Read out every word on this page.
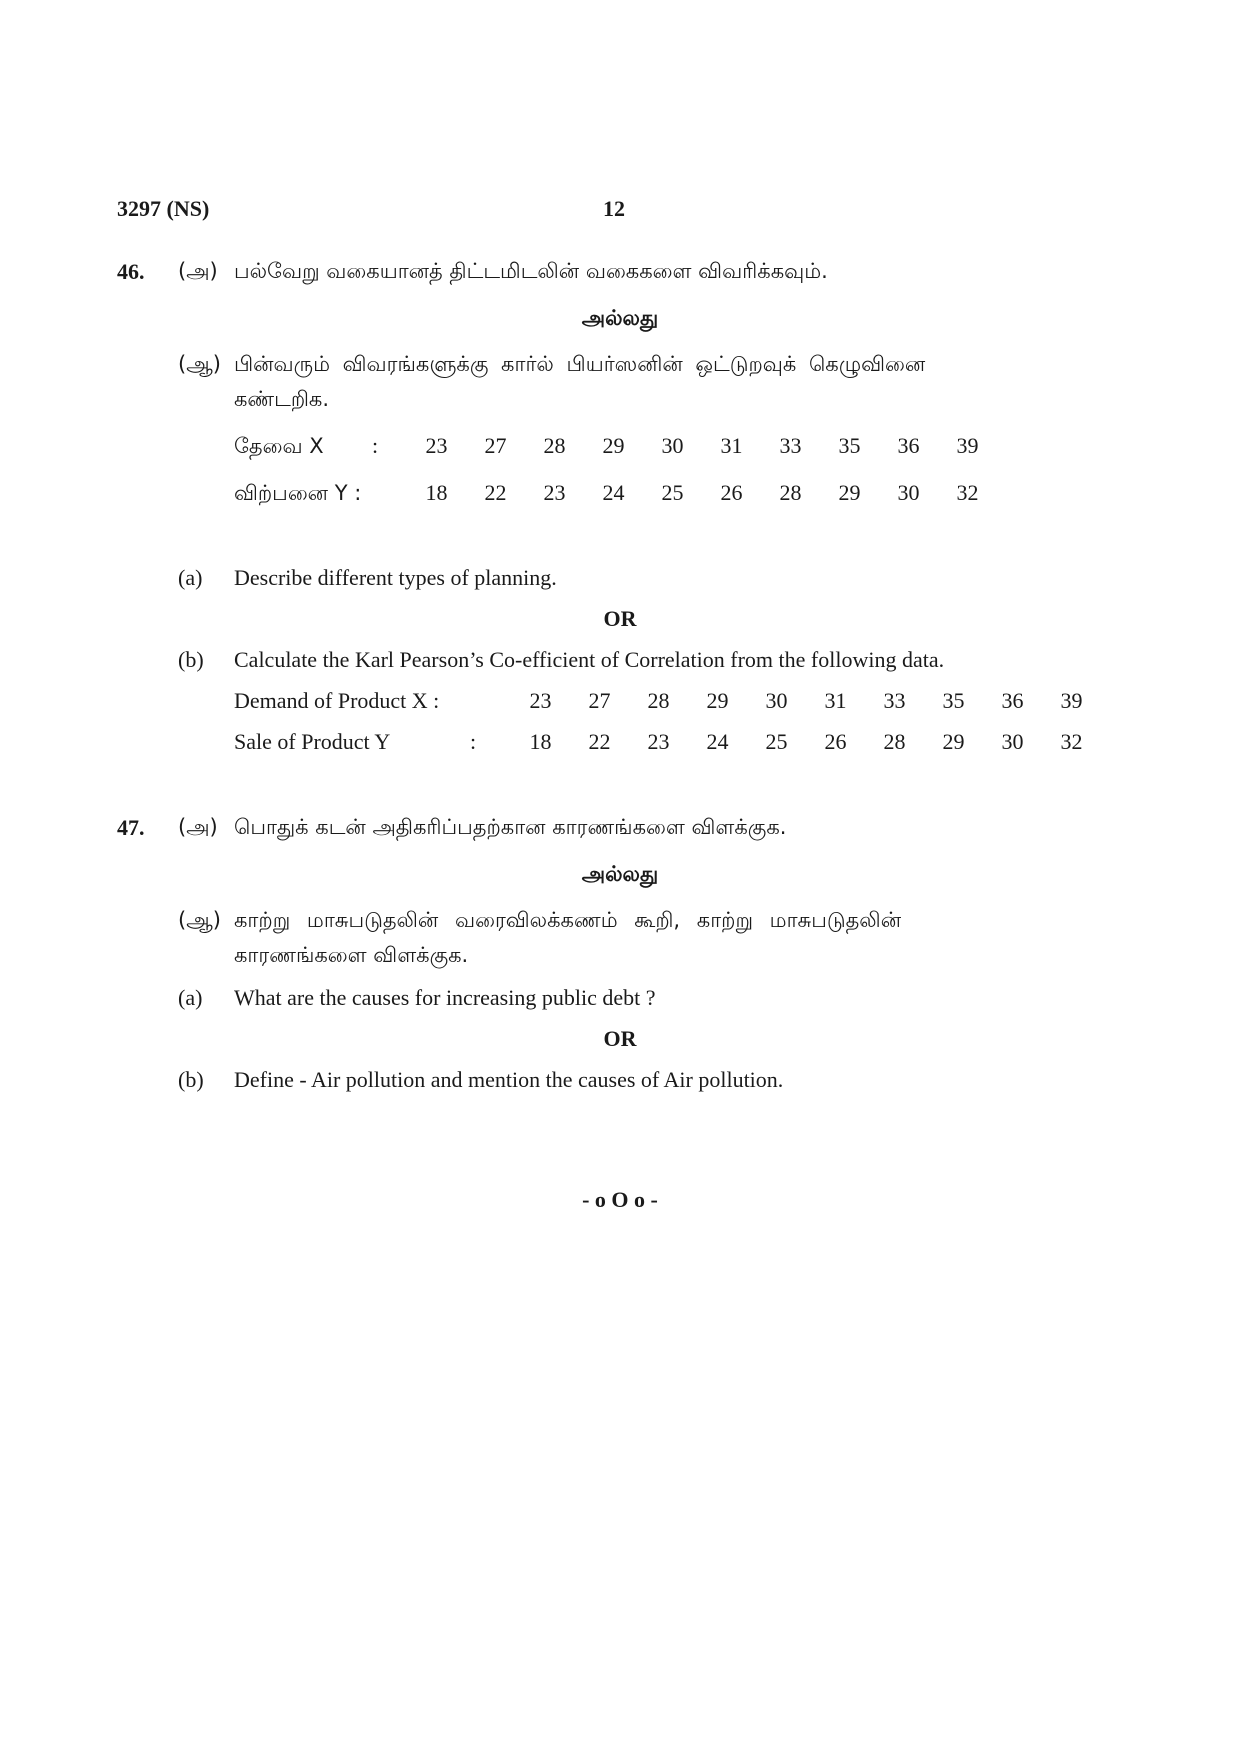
3297 (NS)	12
46. (அ) பல்வேறு வகையானத் திட்டமிடலின் வகைகளை விவரிக்கவும்.
அல்லது
(ஆ) பின்வரும் விவரங்களுக்கு கார்ல் பியர்ஸனின் ஒட்டுறவுக் கெழுவினை
கண்டறிக.
தேவை X :	23 27 28 29 30 31 33 35 36 39
விற்பனை Y :	18 22 23 24 25 26 28 29 30 32
(a) Describe different types of planning.
OR
(b) Calculate the Karl Pearson’s Co-efficient of Correlation from the following data.
Demand of Product X :	23 27 28 29 30 31 33 35 36 39
Sale of Product Y	:	18 22 23 24 25 26 28 29 30 32
47. (அ) பொதுக் கடன் அதிகரிப்பதற்கான காரணங்களை விளக்குக.
அல்லது
(ஆ) காற்று மாசுபடுதலின் வரைவிலக்கணம் கூறி, காற்று மாசுபடுதலின்
காரணங்களை விளக்குக.
(a) What are the causes for increasing public debt ?
OR
(b) Define - Air pollution and mention the causes of Air pollution.
- o O o -
